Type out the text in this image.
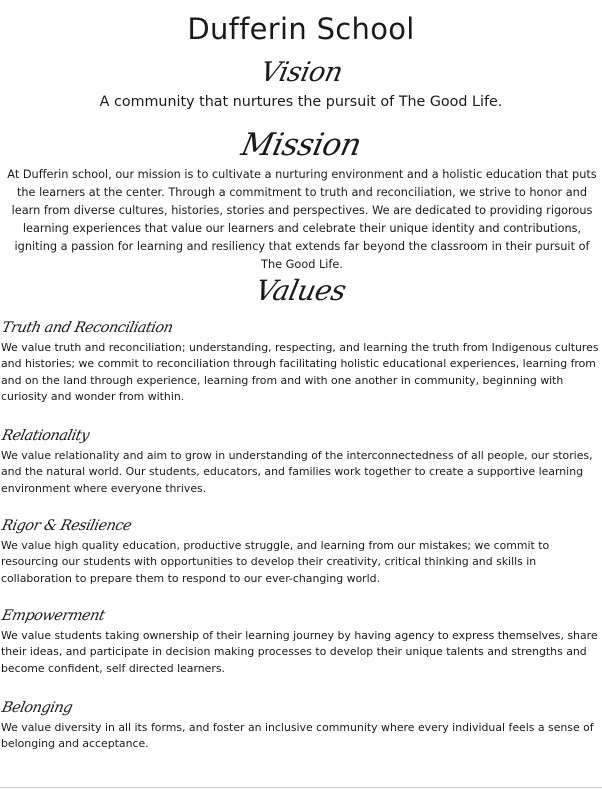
Dufferin School
Vision

A community that nurtures the pursuit of The Good Life.

Mission

At Dufferin school, our mission is to cultivate a nurturing environment and a holistic education that puts the learners at the center. Through a commitment to truth and reconciliation, we strive to honor and learn from diverse cultures, histories, stories and perspectives. We are dedicated to providing rigorous learning experiences that value our learners and celebrate their unique identity and contributions, igniting a passion for learning and resiliency that extends far beyond the classroom in their pursuit of The Good Life.

Values
Truth and Reconciliation

We value truth and reconciliation; understanding, respecting, and learning the truth from Indigenous cultures and histories; we commit to reconciliation through facilitating holistic educational experiences, learning from and on the land through experience, learning from and with one another in community, beginning with curiosity and wonder from within.

Relationality

We value relationality and aim to grow in understanding of the interconnectedness of all people, our stories, and the natural world. Our students, educators, and families work together to create a supportive learning environment where everyone thrives.

Rigor & Resilience

We value high quality education, productive struggle, and learning from our mistakes; we commit to resourcing our students with opportunities to develop their creativity, critical thinking and skills in collaboration to prepare them to respond to our ever-changing world.

Empowerment

We value students taking ownership of their learning journey by having agency to express themselves, share their ideas, and participate in decision making processes to develop their unique talents and strengths and become confident, self directed learners.

Belonging

We value diversity in all its forms, and foster an inclusive community where every individual feels a sense of belonging and acceptance.
